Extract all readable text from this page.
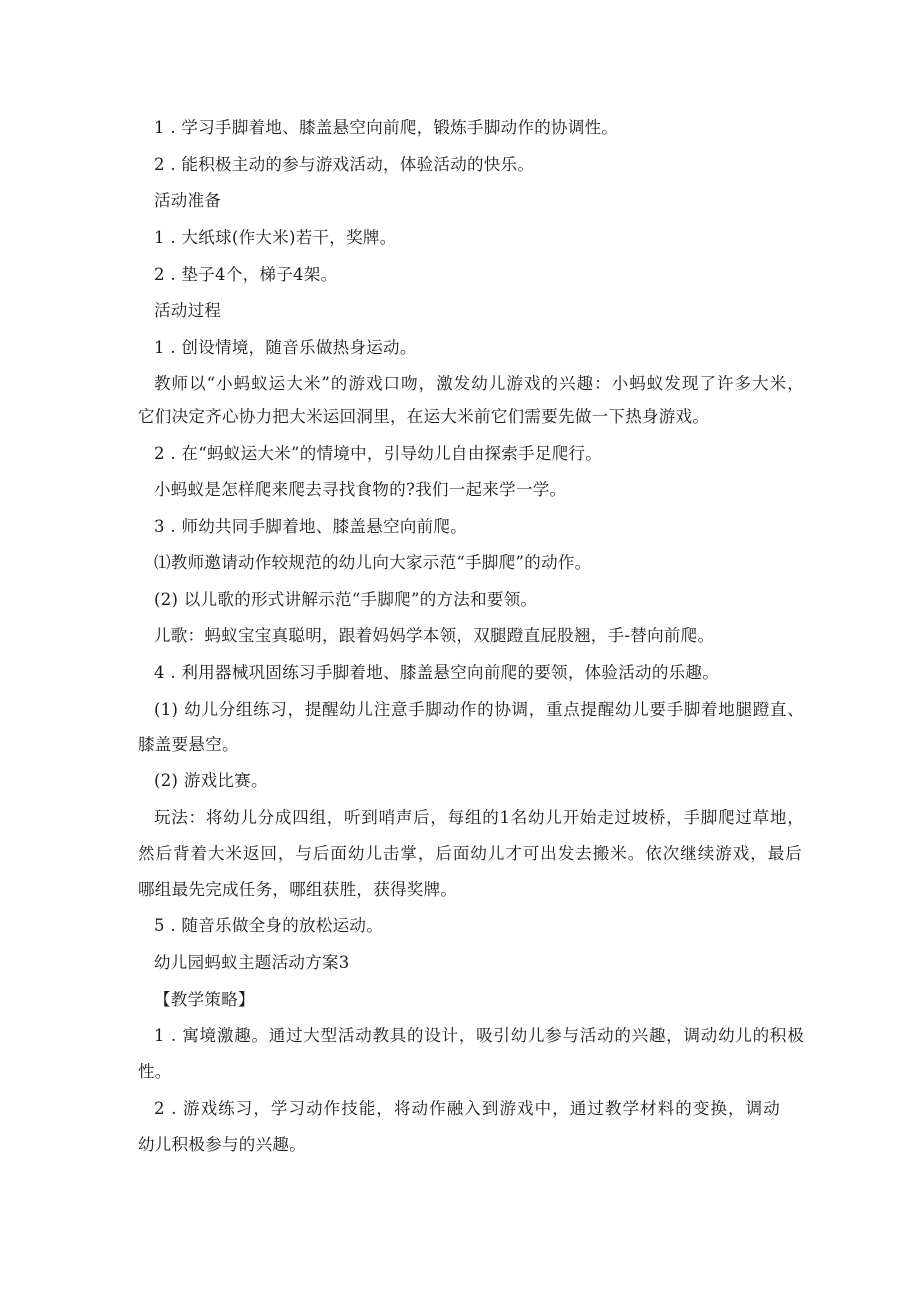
1 . 学习手脚着地、膝盖悬空向前爬，锻炼手脚动作的协调性。
2 . 能积极主动的参与游戏活动，体验活动的快乐。
活动准备
1 . 大纸球(作大米)若干，奖牌。
2 . 垫子4个，梯子4架。
活动过程
1 . 创设情境，随音乐做热身运动。
教师以“小蚂蚁运大米”的游戏口吻，激发幼儿游戏的兴趣：小蚂蚁发现了许多大米，
它们决定齐心协力把大米运回洞里，在运大米前它们需要先做一下热身游戏。
2 . 在“蚂蚁运大米”的情境中，引导幼儿自由探索手足爬行。
小蚂蚁是怎样爬来爬去寻找食物的?我们一起来学一学。
3 . 师幼共同手脚着地、膝盖悬空向前爬。
⑴教师邀请动作较规范的幼儿向大家示范“手脚爬”的动作。
(2) 以儿歌的形式讲解示范“手脚爬”的方法和要领。
儿歌：蚂蚁宝宝真聪明，跟着妈妈学本领，双腿蹬直屁股翘，手-替向前爬。
4 . 利用器械巩固练习手脚着地、膝盖悬空向前爬的要领，体验活动的乐趣。
(1) 幼儿分组练习，提醒幼儿注意手脚动作的协调，重点提醒幼儿要手脚着地腿蹬直、
膝盖要悬空。
(2) 游戏比赛。
玩法：将幼儿分成四组，听到哨声后，每组的1名幼儿开始走过坡桥，手脚爬过草地，
然后背着大米返回，与后面幼儿击掌，后面幼儿才可出发去搬米。依次继续游戏，最后
哪组最先完成任务，哪组获胜，获得奖牌。
5 . 随音乐做全身的放松运动。
幼儿园蚂蚁主题活动方案3
【教学策略】
1 . 寓境激趣。通过大型活动教具的设计，吸引幼儿参与活动的兴趣，调动幼儿的积极
性。
2 . 游戏练习，学习动作技能，将动作融入到游戏中，通过教学材料的变换，调动
幼儿积极参与的兴趣。
